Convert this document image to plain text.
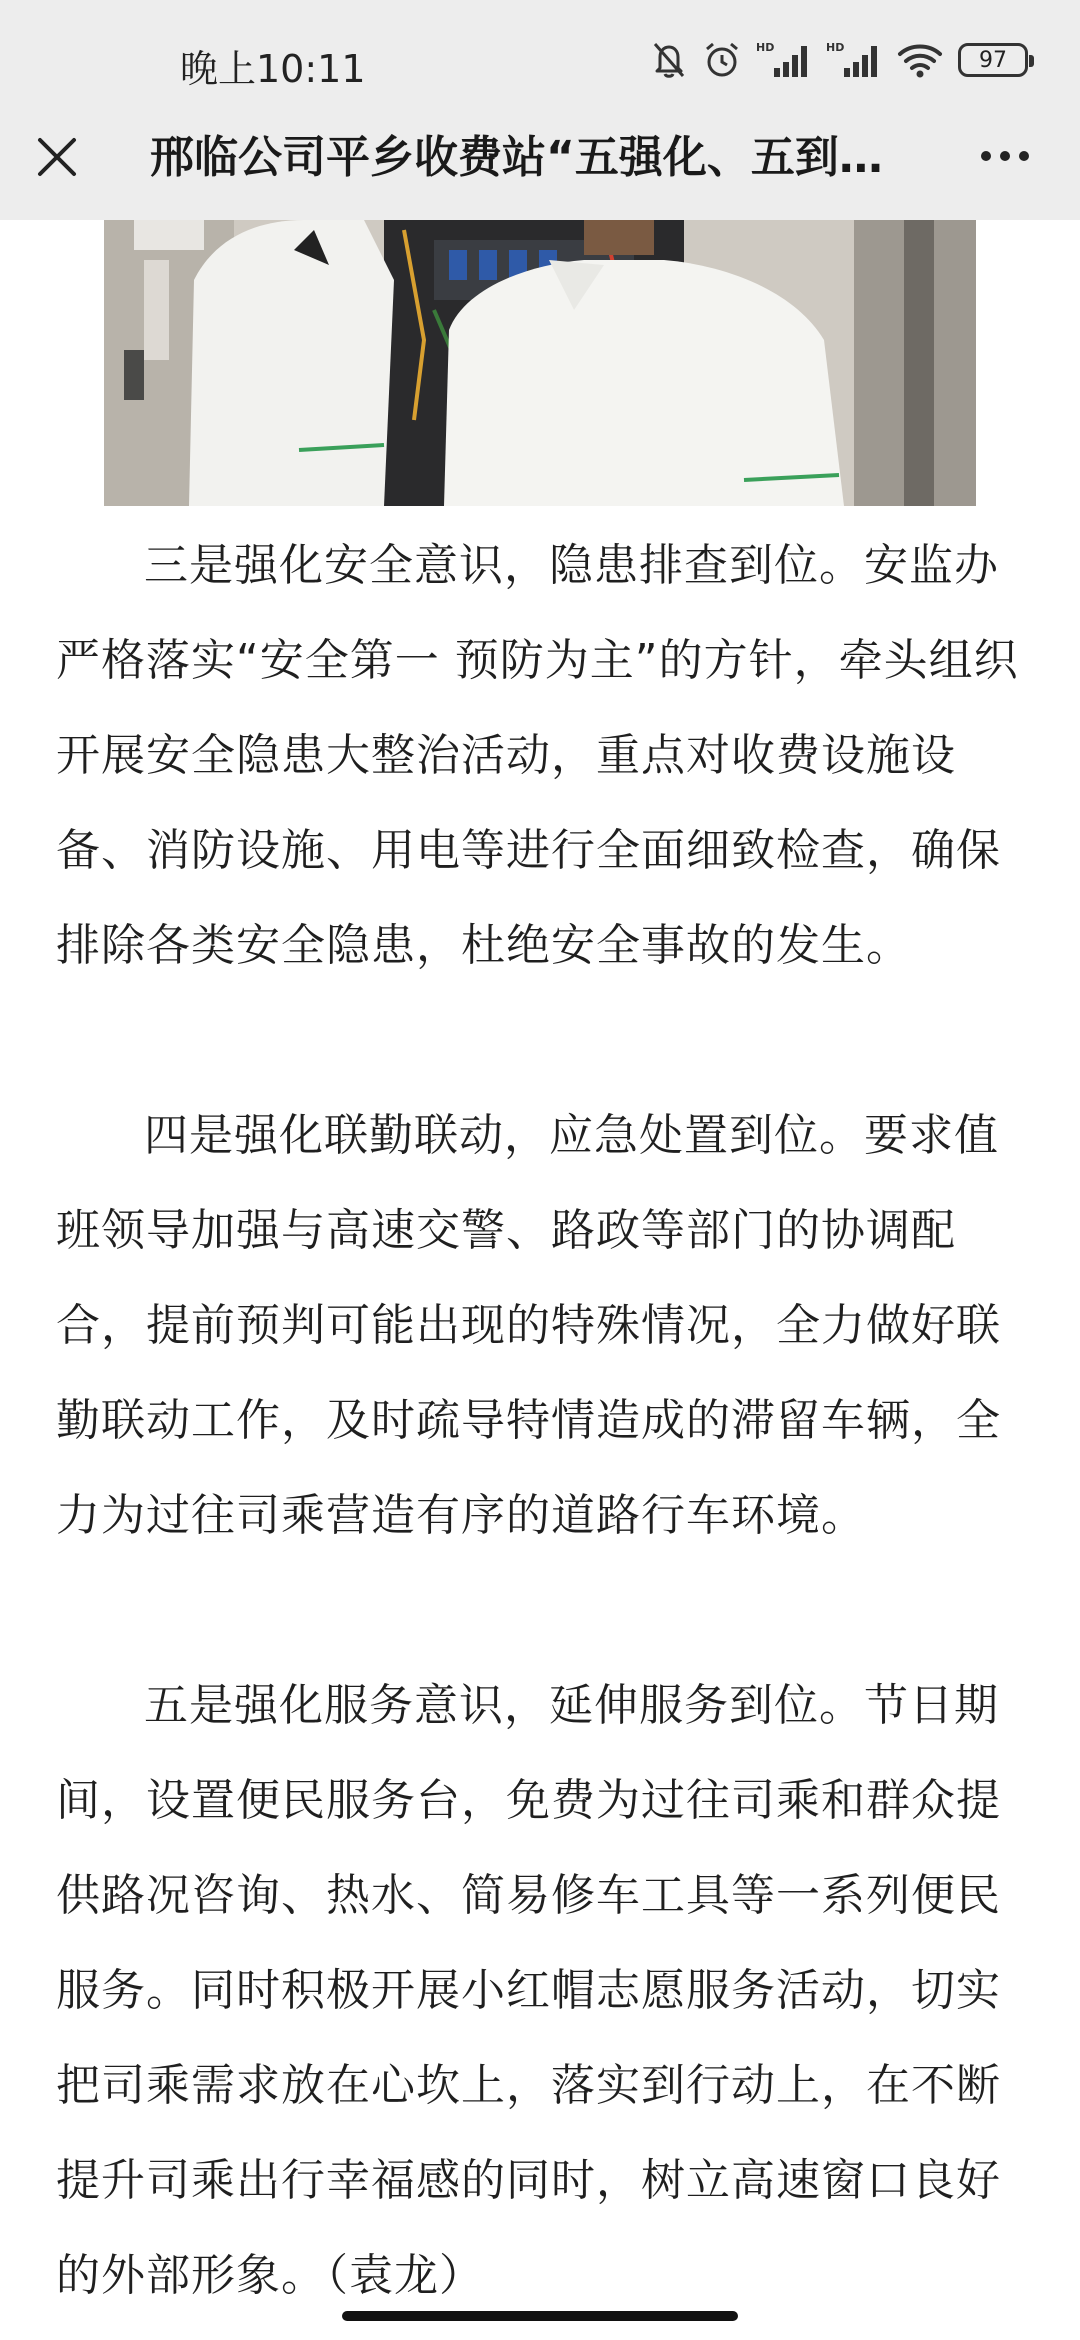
晚上10:11	HD	HD	97
邢临公司平乡收费站“五强化、五到…

三是强化安全意识，隐患排查到位。安监办严格落实“安全第一 预防为主”的方针，牵头组织开展安全隐患大整治活动，重点对收费设施设备、消防设施、用电等进行全面细致检查，确保排除各类安全隐患，杜绝安全事故的发生。

四是强化联勤联动，应急处置到位。要求值班领导加强与高速交警、路政等部门的协调配合，提前预判可能出现的特殊情况，全力做好联勤联动工作，及时疏导特情造成的滞留车辆，全力为过往司乘营造有序的道路行车环境。

五是强化服务意识，延伸服务到位。节日期间，设置便民服务台，免费为过往司乘和群众提供路况咨询、热水、简易修车工具等一系列便民服务。同时积极开展小红帽志愿服务活动，切实把司乘需求放在心坎上，落实到行动上，在不断提升司乘出行幸福感的同时，树立高速窗口良好的外部形象。（袁龙）
